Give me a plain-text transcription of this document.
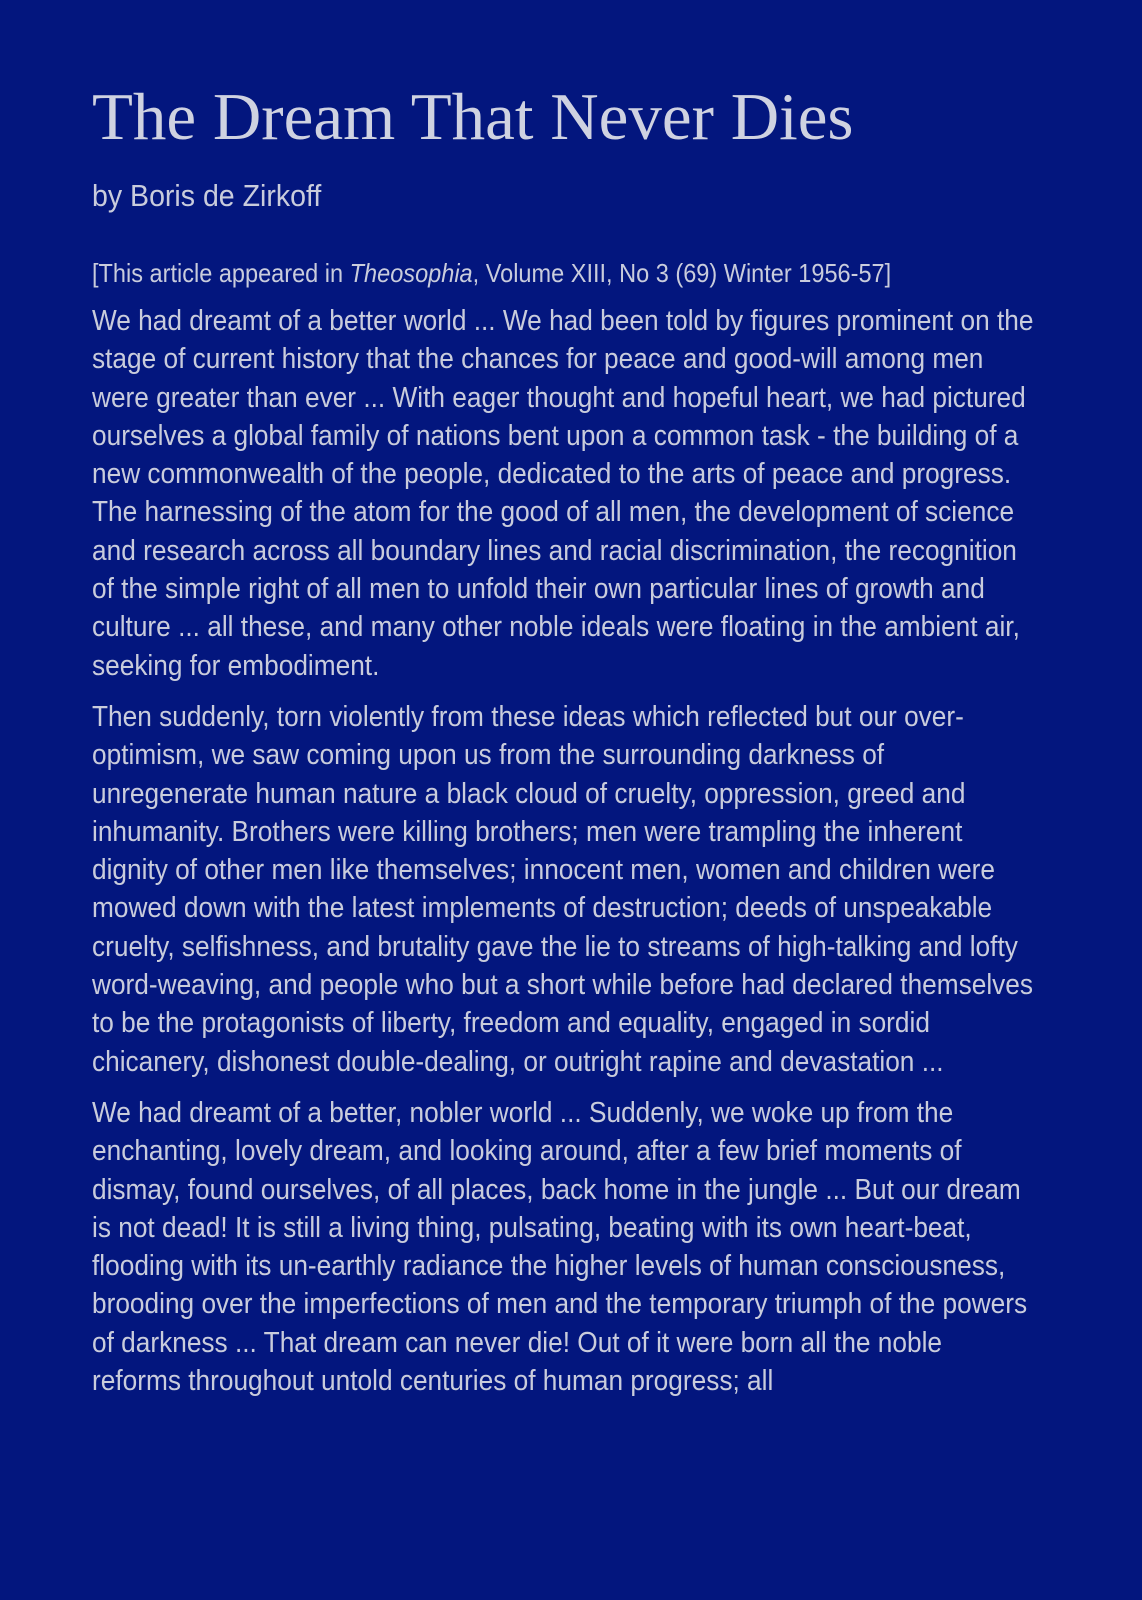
The Dream That Never Dies
by Boris de Zirkoff
[This article appeared in Theosophia, Volume XIII, No 3 (69) Winter 1956-57]

We had dreamt of a better world ... We had been told by figures prominent on the stage of current history that the chances for peace and good-will among men were greater than ever ... With eager thought and hopeful heart, we had pictured ourselves a global family of nations bent upon a common task - the building of a new commonwealth of the people, dedicated to the arts of peace and progress. The harnessing of the atom for the good of all men, the development of science and research across all boundary lines and racial discrimination, the recognition of the simple right of all men to unfold their own particular lines of growth and culture ... all these, and many other noble ideals were floating in the ambient air, seeking for embodiment.

Then suddenly, torn violently from these ideas which reflected but our over-optimism, we saw coming upon us from the surrounding darkness of unregenerate human nature a black cloud of cruelty, oppression, greed and inhumanity. Brothers were killing brothers; men were trampling the inherent dignity of other men like themselves; innocent men, women and children were mowed down with the latest implements of destruction; deeds of unspeakable cruelty, selfishness, and brutality gave the lie to streams of high-talking and lofty word-weaving, and people who but a short while before had declared themselves to be the protagonists of liberty, freedom and equality, engaged in sordid chicanery, dishonest double-dealing, or outright rapine and devastation ...

We had dreamt of a better, nobler world ... Suddenly, we woke up from the enchanting, lovely dream, and looking around, after a few brief moments of dismay, found ourselves, of all places, back home in the jungle ... But our dream is not dead! It is still a living thing, pulsating, beating with its own heart-beat, flooding with its un-earthly radiance the higher levels of human consciousness, brooding over the imperfections of men and the temporary triumph of the powers of darkness ... That dream can never die! Out of it were born all the noble reforms throughout untold centuries of human progress; all
